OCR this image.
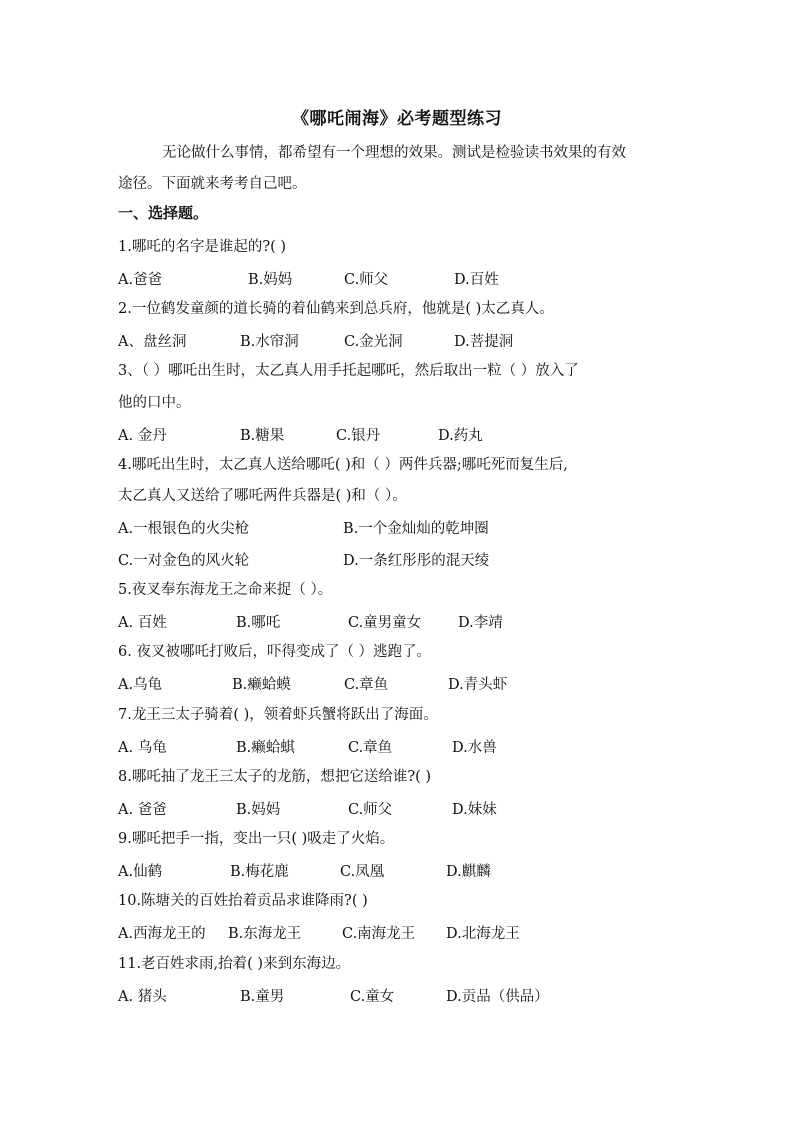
《哪吒闹海》必考题型练习
无论做什么事情，都希望有一个理想的效果。测试是检验读书效果的有效
途径。下面就来考考自己吧。
一、选择题。
1.哪吒的名字是谁起的?( )
A.爸爸	B.妈妈	C.师父	D.百姓
2.一位鹤发童颜的道长骑的着仙鹤来到总兵府，他就是( )太乙真人。
A、盘丝洞	B.水帘洞	C.金光洞	D.菩提洞
3、（ ）哪吒出生时，太乙真人用手托起哪吒，然后取出一粒（ ）放入了
他的口中。
A. 金丹	B.糖果	C.银丹	D.药丸
4.哪吒出生时，太乙真人送给哪吒( )和（ ）两件兵器;哪吒死而复生后,
太乙真人又送给了哪吒两件兵器是( )和（ ）。
A.一根银色的火尖枪	B.一个金灿灿的乾坤圈
C.一对金色的风火轮	D.一条红彤彤的混天绫
5.夜叉奉东海龙王之命来捉（ ）。
A. 百姓	B.哪吒	C.童男童女	D.李靖
6. 夜叉被哪吒打败后，吓得变成了（ ）逃跑了。
A.乌龟	B.癞蛤蟆	C.章鱼	D.青头虾
7.龙王三太子骑着( )，领着虾兵蟹将跃出了海面。
A. 乌龟	B.癞蛤蜞	C.章鱼	D.水兽
8.哪吒抽了龙王三太子的龙筋，想把它送给谁?( )
A. 爸爸	B.妈妈	C.师父	D.妹妹
9.哪吒把手一指，变出一只( )吸走了火焰。
A.仙鹤	B.梅花鹿	C.凤凰	D.麒麟
10.陈塘关的百姓抬着贡品求谁降雨?( )
A.西海龙王的 B.东海龙王	C.南海龙王 D.北海龙王
11.老百姓求雨,抬着( )来到东海边。
A. 猪头	B.童男	C.童女	D.贡品（供品）
